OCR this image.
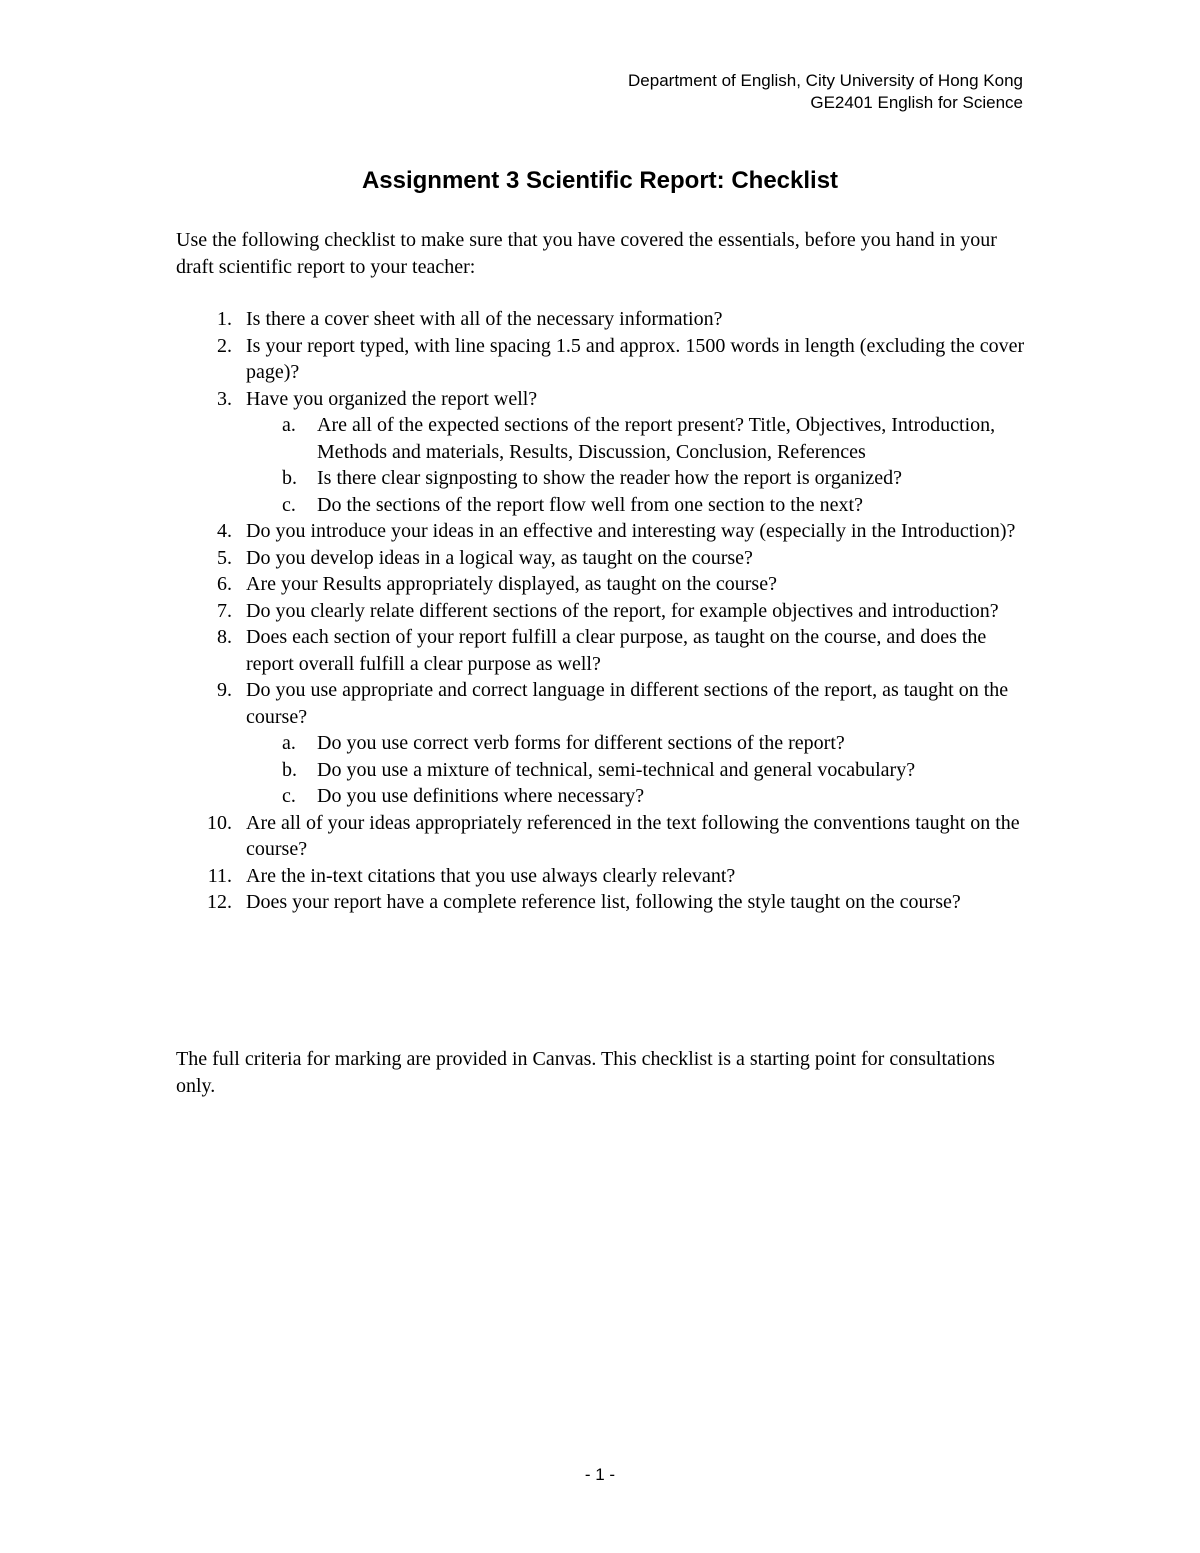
Department of English, City University of Hong Kong
GE2401 English for Science
Assignment 3 Scientific Report: Checklist

Use the following checklist to make sure that you have covered the essentials, before you hand in your draft scientific report to your teacher:

1. Is there a cover sheet with all of the necessary information?
2. Is your report typed, with line spacing 1.5 and approx. 1500 words in length (excluding the cover page)?
3. Have you organized the report well?
a.	Are all of the expected sections of the report present? Title, Objectives, Introduction, Methods and materials, Results, Discussion, Conclusion, References
b.	Is there clear signposting to show the reader how the report is organized?
c.	Do the sections of the report flow well from one section to the next?
4. Do you introduce your ideas in an effective and interesting way (especially in the Introduction)?
5. Do you develop ideas in a logical way, as taught on the course?
6. Are your Results appropriately displayed, as taught on the course?
7. Do you clearly relate different sections of the report, for example objectives and introduction?
8. Does each section of your report fulfill a clear purpose, as taught on the course, and does the report overall fulfill a clear purpose as well?
9. Do you use appropriate and correct language in different sections of the report, as taught on the course?
a.	Do you use correct verb forms for different sections of the report?
b.	Do you use a mixture of technical, semi-technical and general vocabulary?
c.	Do you use definitions where necessary?
10. Are all of your ideas appropriately referenced in the text following the conventions taught on the course?
11. Are the in-text citations that you use always clearly relevant?
12. Does your report have a complete reference list, following the style taught on the course?

The full criteria for marking are provided in Canvas. This checklist is a starting point for consultations only.

- 1 -
